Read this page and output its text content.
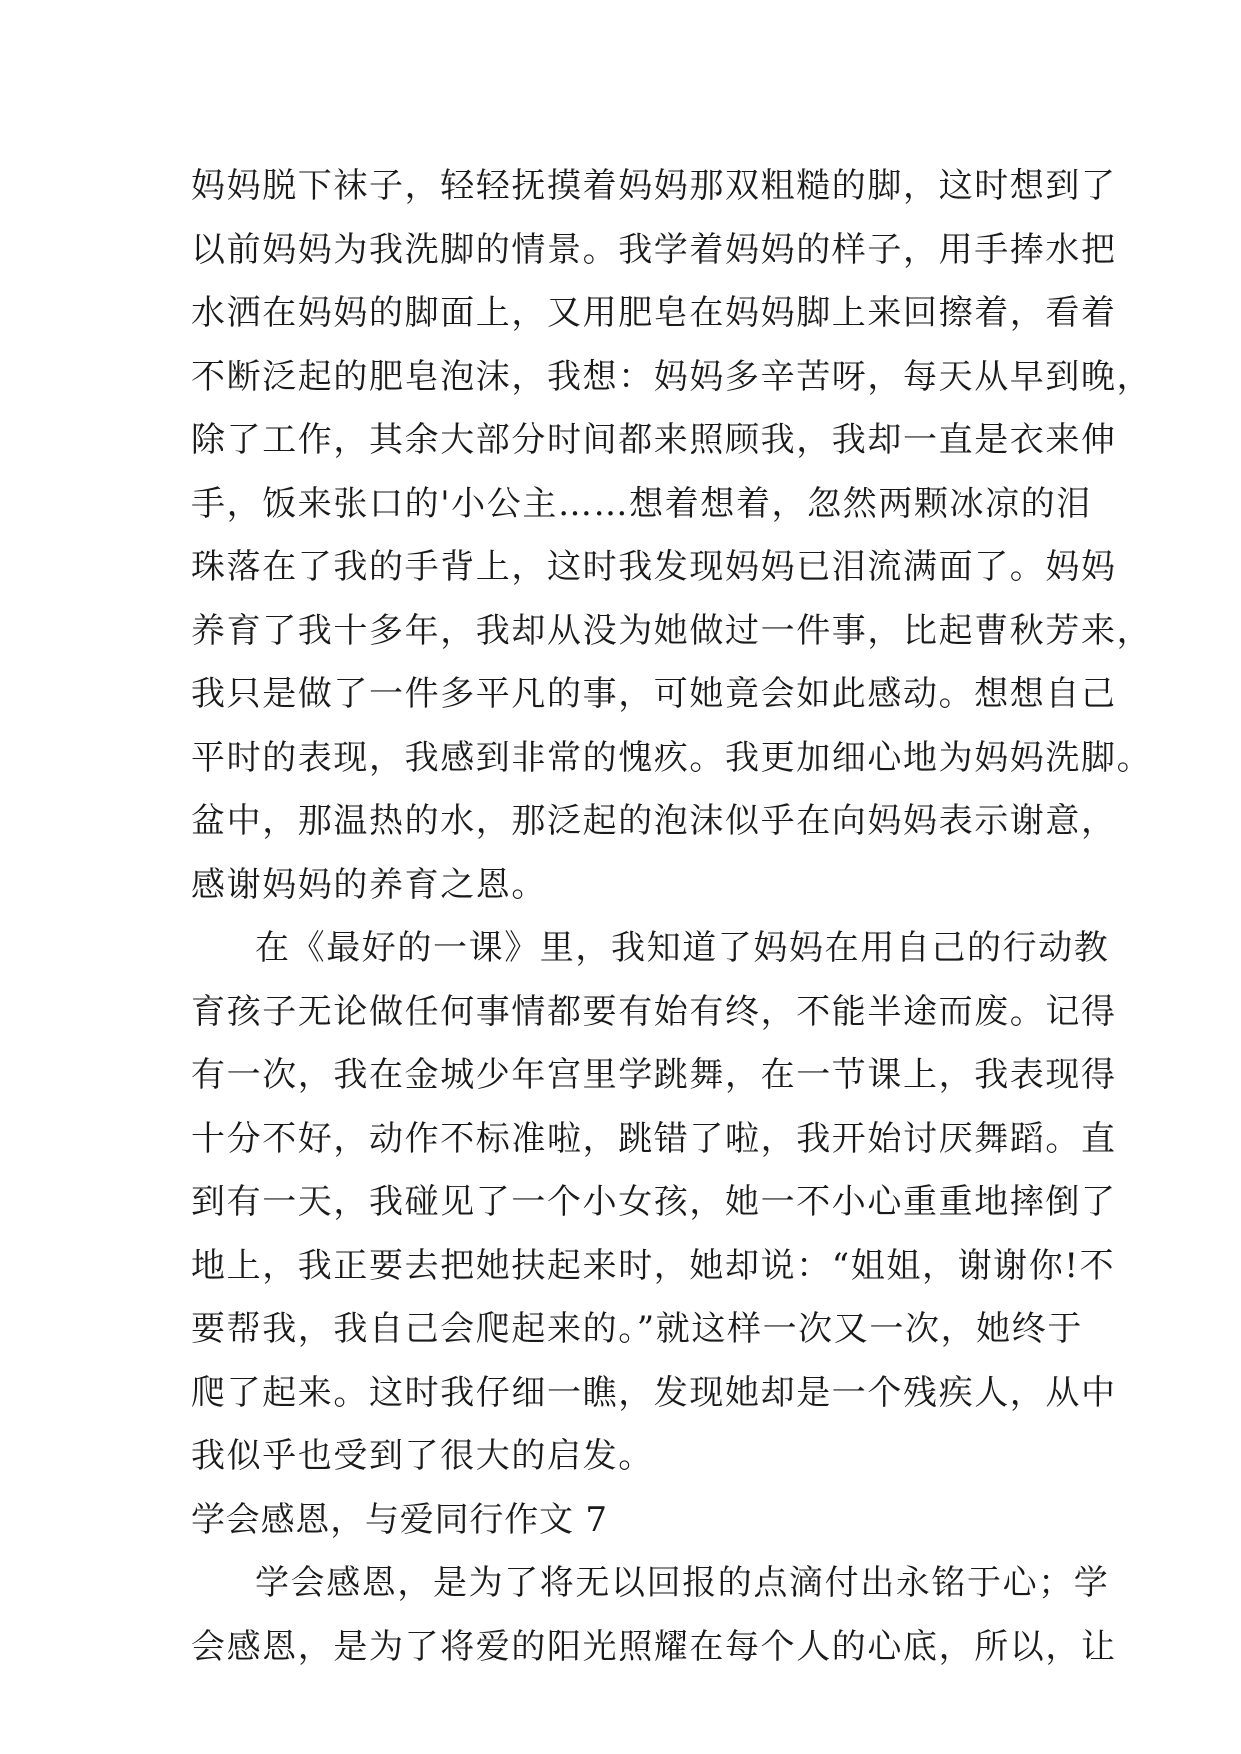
妈妈脱下袜子，轻轻抚摸着妈妈那双粗糙的脚，这时想到了
以前妈妈为我洗脚的情景。我学着妈妈的样子，用手捧水把
水洒在妈妈的脚面上，又用肥皂在妈妈脚上来回擦着，看着
不断泛起的肥皂泡沫，我想：妈妈多辛苦呀，每天从早到晚，
除了工作，其余大部分时间都来照顾我，我却一直是衣来伸
手，饭来张口的'小公主……想着想着，忽然两颗冰凉的泪
珠落在了我的手背上，这时我发现妈妈已泪流满面了。妈妈
养育了我十多年，我却从没为她做过一件事，比起曹秋芳来，
我只是做了一件多平凡的事，可她竟会如此感动。想想自己
平时的表现，我感到非常的愧疚。我更加细心地为妈妈洗脚。
盆中，那温热的水，那泛起的泡沫似乎在向妈妈表示谢意，
感谢妈妈的养育之恩。
在《最好的一课》里，我知道了妈妈在用自己的行动教
育孩子无论做任何事情都要有始有终，不能半途而废。记得
有一次，我在金城少年宫里学跳舞，在一节课上，我表现得
十分不好，动作不标准啦，跳错了啦，我开始讨厌舞蹈。直
到有一天，我碰见了一个小女孩，她一不小心重重地摔倒了
地上，我正要去把她扶起来时，她却说：“姐姐，谢谢你!不
要帮我，我自己会爬起来的。”就这样一次又一次，她终于
爬了起来。这时我仔细一瞧，发现她却是一个残疾人，从中
我似乎也受到了很大的启发。
学会感恩，与爱同行作文 7
学会感恩，是为了将无以回报的点滴付出永铭于心；学
会感恩，是为了将爱的阳光照耀在每个人的心底，所以，让
